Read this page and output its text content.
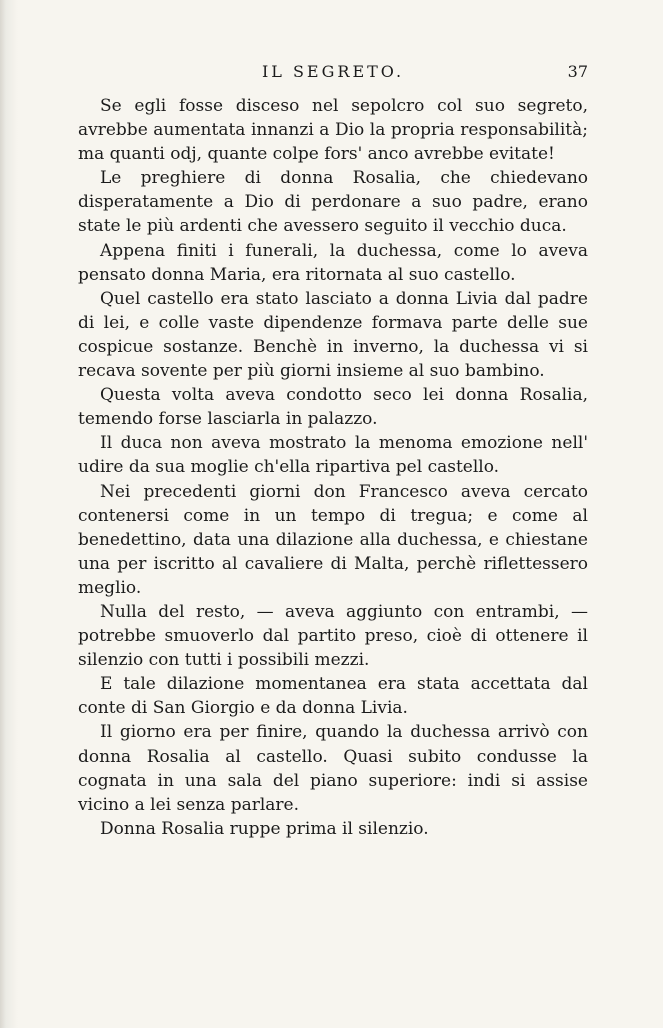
IL SEGRETO.	37

Se egli fosse disceso nel sepolcro col suo segreto, avrebbe aumentata innanzi a Dio la propria responsabilità; ma quanti odj, quante colpe fors' anco avrebbe evitate!

Le preghiere di donna Rosalia, che chiedevano disperatamente a Dio di perdonare a suo padre, erano state le più ardenti che avessero seguito il vecchio duca.

Appena finiti i funerali, la duchessa, come lo aveva pensato donna Maria, era ritornata al suo castello.

Quel castello era stato lasciato a donna Livia dal padre di lei, e colle vaste dipendenze formava parte delle sue cospicue sostanze. Benchè in inverno, la duchessa vi si recava sovente per più giorni insieme al suo bambino.

Questa volta aveva condotto seco lei donna Rosalia, temendo forse lasciarla in palazzo.

Il duca non aveva mostrato la menoma emozione nell' udire da sua moglie ch'ella ripartiva pel castello.

Nei precedenti giorni don Francesco aveva cercato contenersi come in un tempo di tregua; e come al benedettino, data una dilazione alla duchessa, e chiestane una per iscritto al cavaliere di Malta, perchè riflettessero meglio.

Nulla del resto, — aveva aggiunto con entrambi, — potrebbe smuoverlo dal partito preso, cioè di ottenere il silenzio con tutti i possibili mezzi.

E tale dilazione momentanea era stata accettata dal conte di San Giorgio e da donna Livia.

Il giorno era per finire, quando la duchessa arrivò con donna Rosalia al castello. Quasi subito condusse la cognata in una sala del piano superiore: indi si assise vicino a lei senza parlare.

Donna Rosalia ruppe prima il silenzio.
